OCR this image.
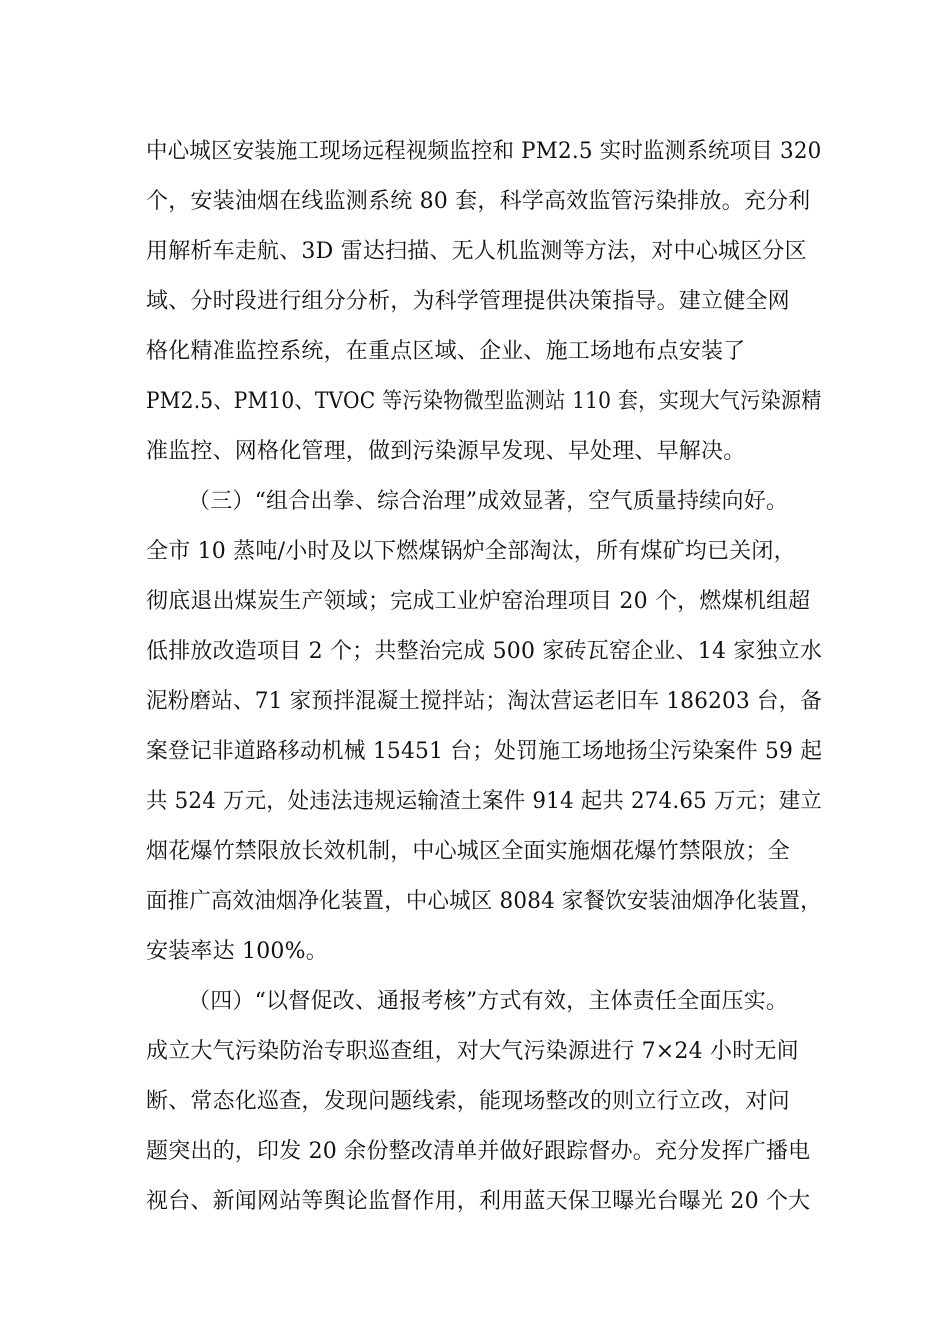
中心城区安装施工现场远程视频监控和 PM2.5 实时监测系统项目 320
个，安装油烟在线监测系统 80 套，科学高效监管污染排放。充分利
用解析车走航、3D 雷达扫描、无人机监测等方法，对中心城区分区
域、分时段进行组分分析，为科学管理提供决策指导。建立健全网
格化精准监控系统，在重点区域、企业、施工场地布点安装了
PM2.5、PM10、TVOC 等污染物微型监测站 110 套，实现大气污染源精
准监控、网格化管理，做到污染源早发现、早处理、早解决。
（三）“组合出拳、综合治理”成效显著，空气质量持续向好。
全市 10 蒸吨/小时及以下燃煤锅炉全部淘汰，所有煤矿均已关闭，
彻底退出煤炭生产领域；完成工业炉窑治理项目 20 个，燃煤机组超
低排放改造项目 2 个；共整治完成 500 家砖瓦窑企业、14 家独立水
泥粉磨站、71 家预拌混凝土搅拌站；淘汰营运老旧车 186203 台，备
案登记非道路移动机械 15451 台；处罚施工场地扬尘污染案件 59 起
共 524 万元，处违法违规运输渣土案件 914 起共 274.65 万元；建立
烟花爆竹禁限放长效机制，中心城区全面实施烟花爆竹禁限放；全
面推广高效油烟净化装置，中心城区 8084 家餐饮安装油烟净化装置，
安装率达 100%。
（四）“以督促改、通报考核”方式有效，主体责任全面压实。
成立大气污染防治专职巡查组，对大气污染源进行 7×24 小时无间
断、常态化巡查，发现问题线索，能现场整改的则立行立改，对问
题突出的，印发 20 余份整改清单并做好跟踪督办。充分发挥广播电
视台、新闻网站等舆论监督作用，利用蓝天保卫曝光台曝光 20 个大
